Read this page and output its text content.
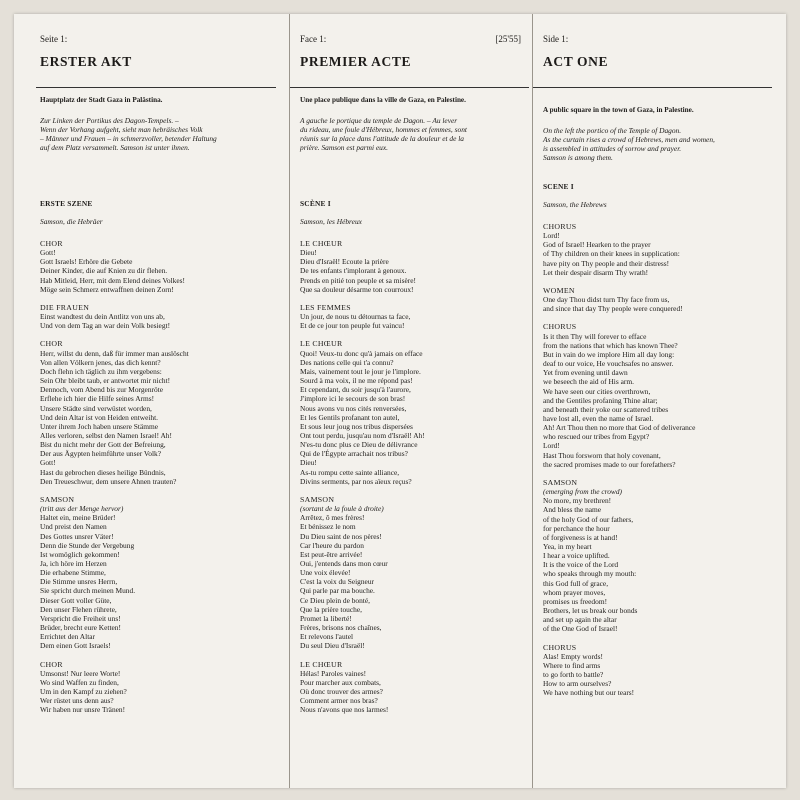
Seite 1:
ERSTER AKT
Hauptplatz der Stadt Gaza in Palästina.
Zur Linken der Portikus des Dagon-Tempels. –
Wenn der Vorhang aufgeht, sieht man hebräisches Volk
– Männer und Frauen – in schmerzvoller, betender Haltung
auf dem Platz versammelt. Samson ist unter ihnen.
ERSTE SZENE
Samson, die Hebräer
CHOR
Gott!
Gott Israels! Erhöre die Gebete
Deiner Kinder, die auf Knien zu dir flehen.
Hab Mitleid, Herr, mit dem Elend deines Volkes!
Möge sein Schmerz entwaffnen deinen Zorn!
DIE FRAUEN
Einst wandtest du dein Antlitz von uns ab,
Und von dem Tag an war dein Volk besiegt!
CHOR
Herr, willst du denn, daß für immer man auslöscht
Von allen Völkern jenes, das dich kennt?
Doch flehn ich täglich zu ihm vergebens:
Sein Ohr bleibt taub, er antwortet mir nicht!
Dennoch, vom Abend bis zur Morgenröte
Erflehe ich hier die Hilfe seines Arms!
Unsere Städte sind verwüstet worden,
Und dein Altar ist von Heiden entweiht.
Unter ihrem Joch haben unsere Stämme
Alles verloren, selbst den Namen Israel! Ah!
Bist du nicht mehr der Gott der Befreiung,
Der aus Ägypten heimführte unser Volk?
Gott!
Hast du gebrochen dieses heilige Bündnis,
Den Treueschwur, dem unsere Ahnen trauten?
SAMSON
(tritt aus der Menge hervor)
Haltet ein, meine Brüder!
Und preist den Namen
Des Gottes unsrer Väter!
Denn die Stunde der Vergebung
Ist womöglich gekommen!
Ja, ich höre im Herzen
Die erhabene Stimme,
Die Stimme unsres Herrn,
Sie spricht durch meinen Mund.
Dieser Gott voller Güte,
Den unser Flehen rührete,
Verspricht die Freiheit uns!
Brüder, brecht eure Ketten!
Errichtet den Altar
Dem einen Gott Israels!
CHOR
Umsonst! Nur leere Worte!
Wo sind Waffen zu finden,
Um in den Kampf zu ziehen?
Wer rüstet uns denn aus?
Wir haben nur unsre Tränen!
Face 1:	[25'55]
PREMIER ACTE
Une place publique dans la ville de Gaza, en Palestine.
A gauche le portique du temple de Dagon. – Au lever
du rideau, une foule d'Hébreux, hommes et femmes, sont
réunis sur la place dans l'attitude de la douleur et de la
prière. Samson est parmi eux.
SCÈNE I
Samson, les Hébreux
LE CHŒUR
Dieu!
Dieu d'Israël! Ecoute la prière
De tes enfants t'implorant à genoux.
Prends en pitié ton peuple et sa misère!
Que sa douleur désarme ton courroux!
LES FEMMES
Un jour, de nous tu détournas ta face,
Et de ce jour ton peuple fut vaincu!
LE CHŒUR
Quoi! Veux-tu donc qu'à jamais on efface
Des nations celle qui t'a connu?
Mais, vainement tout le jour je l'implore.
Sourd à ma voix, il ne me répond pas!
Et cependant, du soir jusqu'à l'aurore,
J'implore ici le secours de son bras!
Nous avons vu nos cités renversées,
Et les Gentils profanant ton autel,
Et sous leur joug nos tribus dispersées
Ont tout perdu, jusqu'au nom d'Israël! Ah!
N'es-tu donc plus ce Dieu de délivrance
Qui de l'Égypte arrachait nos tribus?
Dieu!
As-tu rompu cette sainte alliance,
Divins serments, par nos aïeux reçus?
SAMSON
(sortant de la foule à droite)
Arrêtez, ô mes frères!
Et bénissez le nom
Du Dieu saint de nos pères!
Car l'heure du pardon
Est peut-être arrivée!
Oui, j'entends dans mon cœur
Une voix élevée!
C'est la voix du Seigneur
Qui parle par ma bouche.
Ce Dieu plein de bonté,
Que la prière touche,
Promet la liberté!
Frères, brisons nos chaînes,
Et relevons l'autel
Du seul Dieu d'Israël!
LE CHŒUR
Hélas! Paroles vaines!
Pour marcher aux combats,
Où donc trouver des armes?
Comment armer nos bras?
Nous n'avons que nos larmes!
Side 1:
ACT ONE
A public square in the town of Gaza, in Palestine.
On the left the portico of the Temple of Dagon.
As the curtain rises a crowd of Hebrews, men and women,
is assembled in attitudes of sorrow and prayer.
Samson is among them.
SCENE I
Samson, the Hebrews
CHORUS
Lord!
God of Israel! Hearken to the prayer
of Thy children on their knees in supplication:
have pity on Thy people and their distress!
Let their despair disarm Thy wrath!
WOMEN
One day Thou didst turn Thy face from us,
and since that day Thy people were conquered!
CHORUS
Is it then Thy will forever to efface
from the nations that which has known Thee?
But in vain do we implore Him all day long:
deaf to our voice, He vouchsafes no answer.
Yet from evening until dawn
we beseech the aid of His arm.
We have seen our cities overthrown,
and the Gentiles profaning Thine altar;
and beneath their yoke our scattered tribes
have lost all, even the name of Israel.
Ah! Art Thou then no more that God of deliverance
who rescued our tribes from Egypt?
Lord!
Hast Thou forsworn that holy covenant,
the sacred promises made to our forefathers?
SAMSON
(emerging from the crowd)
No more, my brethren!
And bless the name
of the holy God of our fathers,
for perchance the hour
of forgiveness is at hand!
Yea, in my heart
I hear a voice uplifted.
It is the voice of the Lord
who speaks through my mouth:
this God full of grace,
whom prayer moves,
promises us freedom!
Brothers, let us break our bonds
and set up again the altar
of the One God of Israel!
CHORUS
Alas! Empty words!
Where to find arms
to go forth to battle?
How to arm ourselves?
We have nothing but our tears!
